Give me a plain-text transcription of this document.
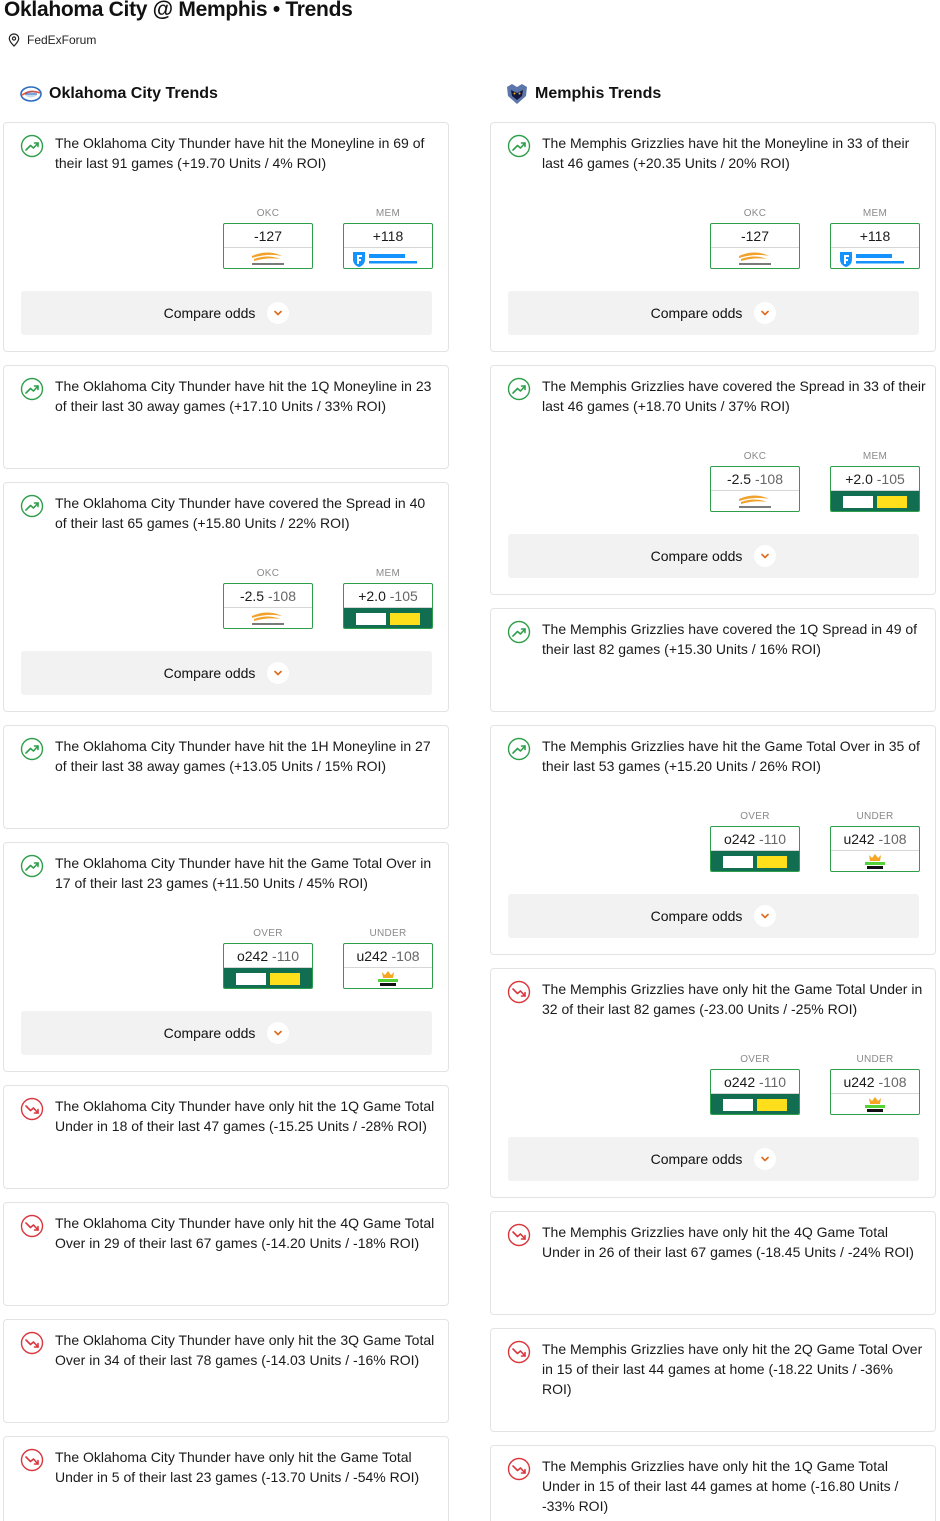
Oklahoma City @ Memphis • Trends
FedExForum
Oklahoma City Trends
The Oklahoma City Thunder have hit the Moneyline in 69 of their last 91 games (+19.70 Units / 4% ROI)
OKC
-127
MEM
+118
Compare odds
The Oklahoma City Thunder have hit the 1Q Moneyline in 23 of their last 30 away games (+17.10 Units / 33% ROI)
The Oklahoma City Thunder have covered the Spread in 40 of their last 65 games (+15.80 Units / 22% ROI)
OKC
-2.5 -108
MEM
+2.0 -105
Compare odds
The Oklahoma City Thunder have hit the 1H Moneyline in 27 of their last 38 away games (+13.05 Units / 15% ROI)
The Oklahoma City Thunder have hit the Game Total Over in 17 of their last 23 games (+11.50 Units / 45% ROI)
OVER
o242 -110
UNDER
u242 -108
Compare odds
The Oklahoma City Thunder have only hit the 1Q Game Total Under in 18 of their last 47 games (-15.25 Units / -28% ROI)
The Oklahoma City Thunder have only hit the 4Q Game Total Over in 29 of their last 67 games (-14.20 Units / -18% ROI)
The Oklahoma City Thunder have only hit the 3Q Game Total Over in 34 of their last 78 games (-14.03 Units / -16% ROI)
The Oklahoma City Thunder have only hit the Game Total Under in 5 of their last 23 games (-13.70 Units / -54% ROI)
Memphis Trends
The Memphis Grizzlies have hit the Moneyline in 33 of their last 46 games (+20.35 Units / 20% ROI)
OKC
-127
MEM
+118
Compare odds
The Memphis Grizzlies have covered the Spread in 33 of their last 46 games (+18.70 Units / 37% ROI)
OKC
-2.5 -108
MEM
+2.0 -105
Compare odds
The Memphis Grizzlies have covered the 1Q Spread in 49 of their last 82 games (+15.30 Units / 16% ROI)
The Memphis Grizzlies have hit the Game Total Over in 35 of their last 53 games (+15.20 Units / 26% ROI)
OVER
o242 -110
UNDER
u242 -108
Compare odds
The Memphis Grizzlies have only hit the Game Total Under in 32 of their last 82 games (-23.00 Units / -25% ROI)
OVER
o242 -110
UNDER
u242 -108
Compare odds
The Memphis Grizzlies have only hit the 4Q Game Total Under in 26 of their last 67 games (-18.45 Units / -24% ROI)
The Memphis Grizzlies have only hit the 2Q Game Total Over in 15 of their last 44 games at home (-18.22 Units / -36% ROI)
The Memphis Grizzlies have only hit the 1Q Game Total Under in 15 of their last 44 games at home (-16.80 Units / -33% ROI)
